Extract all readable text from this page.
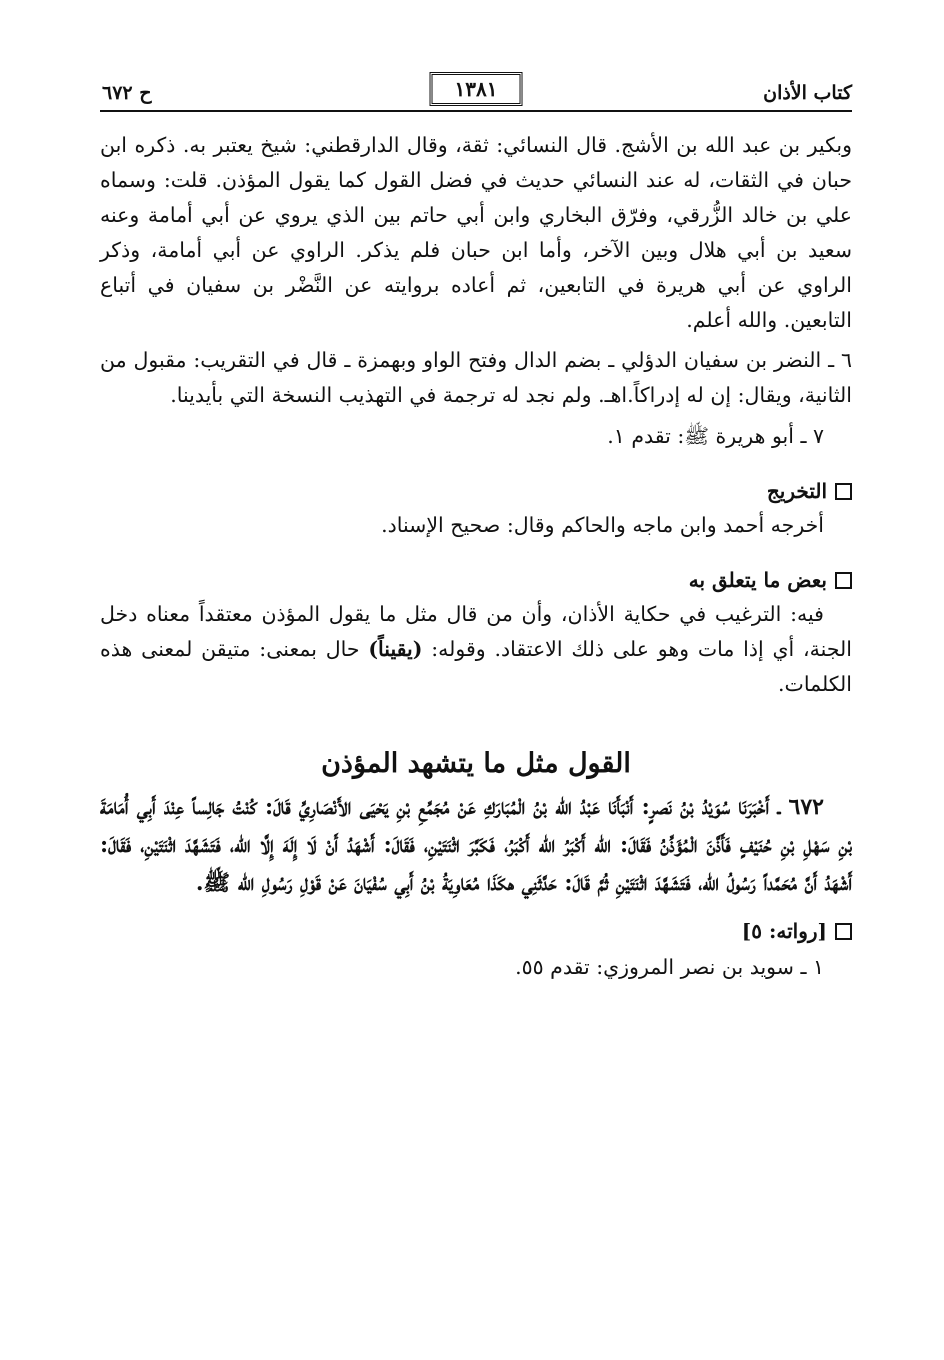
كتاب الأذان
١٣٨١
ح ٦٧٢

وبكير بن عبد الله بن الأشج. قال النسائي: ثقة، وقال الدارقطني: شيخ يعتبر به. ذكره ابن حبان في الثقات، له عند النسائي حديث في فضل القول كما يقول المؤذن. قلت: وسماه علي بن خالد الزُّرقي، وفرّق البخاري وابن أبي حاتم بين الذي يروي عن أبي أمامة وعنه سعيد بن أبي هلال وبين الآخر، وأما ابن حبان فلم يذكر. الراوي عن أبي أمامة، وذكر الراوي عن أبي هريرة في التابعين، ثم أعاده بروايته عن النَّضْر بن سفيان في أتباع التابعين. والله أعلم.

٦ ـ النضر بن سفيان الدؤلي ـ بضم الدال وفتح الواو وبهمزة ـ قال في التقريب: مقبول من الثانية، ويقال: إن له إدراكاً.اهـ. ولم نجد له ترجمة في التهذيب النسخة التي بأيدينا.

٧ ـ أبو هريرة ﷺ: تقدم ١.

التخريج

أخرجه أحمد وابن ماجه والحاكم وقال: صحيح الإسناد.

بعض ما يتعلق به

فيه: الترغيب في حكاية الأذان، وأن من قال مثل ما يقول المؤذن معتقداً معناه دخل الجنة، أي إذا مات وهو على ذلك الاعتقاد. وقوله: (يقيناً) حال بمعنى: متيقن لمعنى هذه الكلمات.

القول مثل ما يتشهد المؤذن

٦٧٢ ـ أَخْبَرَنَا سُوَيْدُ بْنُ نَصرٍ: أَنْبَأَنَا عَبْدُ الله بْنُ الْمُبَارَكِ عَنْ مُجَمِّعِ بْنِ يَحْيَى الأَنْصَارِيِّ قَالَ: كُنْتُ جَالِساً عِنْدَ أَبِي أُمَامَةَ بْنِ سَهْلِ بْنِ حُنَيْفٍ فَأَذَّنَ الْمُؤَذِّنُ فَقَالَ: الله أَكْبَرُ الله أَكْبَرُ، فَكَبَّرَ اثْنَتَيْنِ، فَقَالَ: أَشْهَدُ أَنْ لَا إِلَهَ إِلَّا الله، فَتَشَهَّدَ اثْنَتَيْنِ، فَقَالَ: أَشْهَدُ أَنَّ مُحَمَّداً رَسُولُ الله، فَتَشَهَّدَ اثْنَتَيْنِ ثُمَّ قَالَ: حَدَّثَنِي هكَذَا مُعَاوِيَةُ بْنُ أَبِي سُفْيَانَ عَنْ قَوْلِ رَسُولِ الله ﷺ.

[رواته: ٥]

١ ـ سويد بن نصر المروزي: تقدم ٥٥.
